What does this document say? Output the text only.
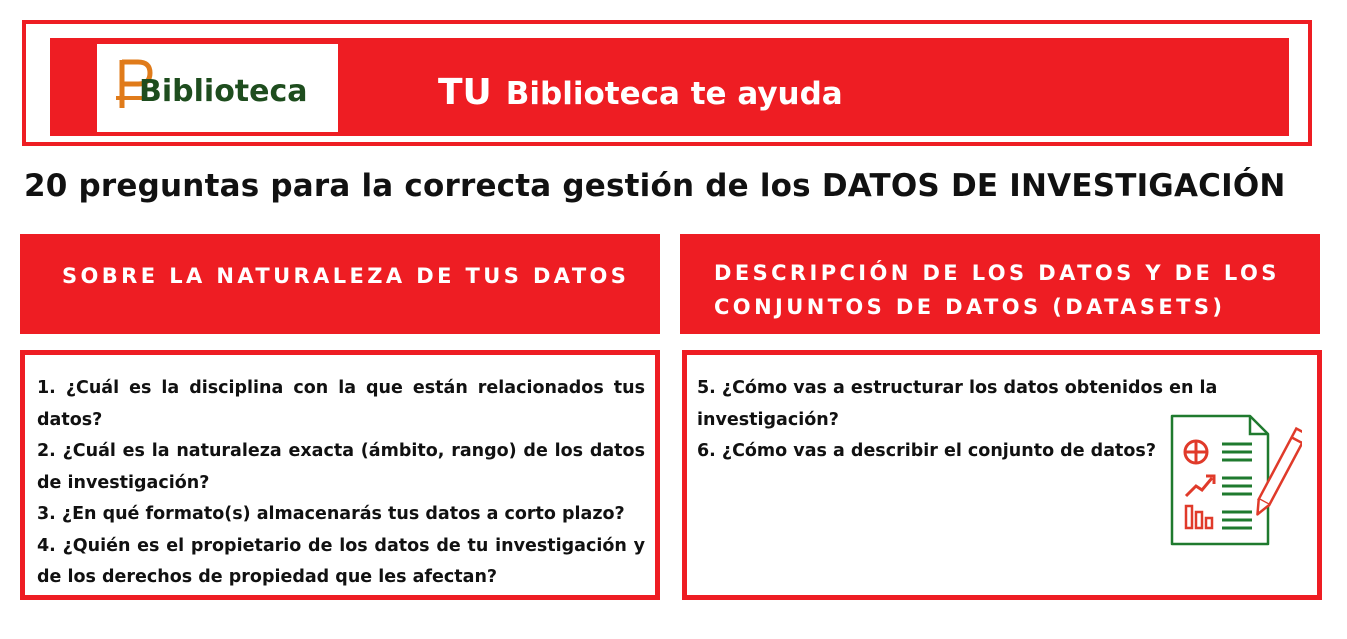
Biblioteca	TU Biblioteca te ayuda
20 preguntas para la correcta gestión de los DATOS DE INVESTIGACIÓN
SOBRE LA NATURALEZA DE TUS DATOS	DESCRIPCIÓN DE LOS DATOS Y DE LOS
CONJUNTOS DE DATOS (DATASETS)
1. ¿Cuál es la disciplina con la que están relacionados tus datos?
2. ¿Cuál es la naturaleza exacta (ámbito, rango) de los datos de investigación?
3. ¿En qué formato(s) almacenarás tus datos a corto plazo?
4. ¿Quién es el propietario de los datos de tu investigación y de los derechos de propiedad que les afectan?
5. ¿Cómo vas a estructurar los datos obtenidos en la investigación?
6. ¿Cómo vas a describir el conjunto de datos?
